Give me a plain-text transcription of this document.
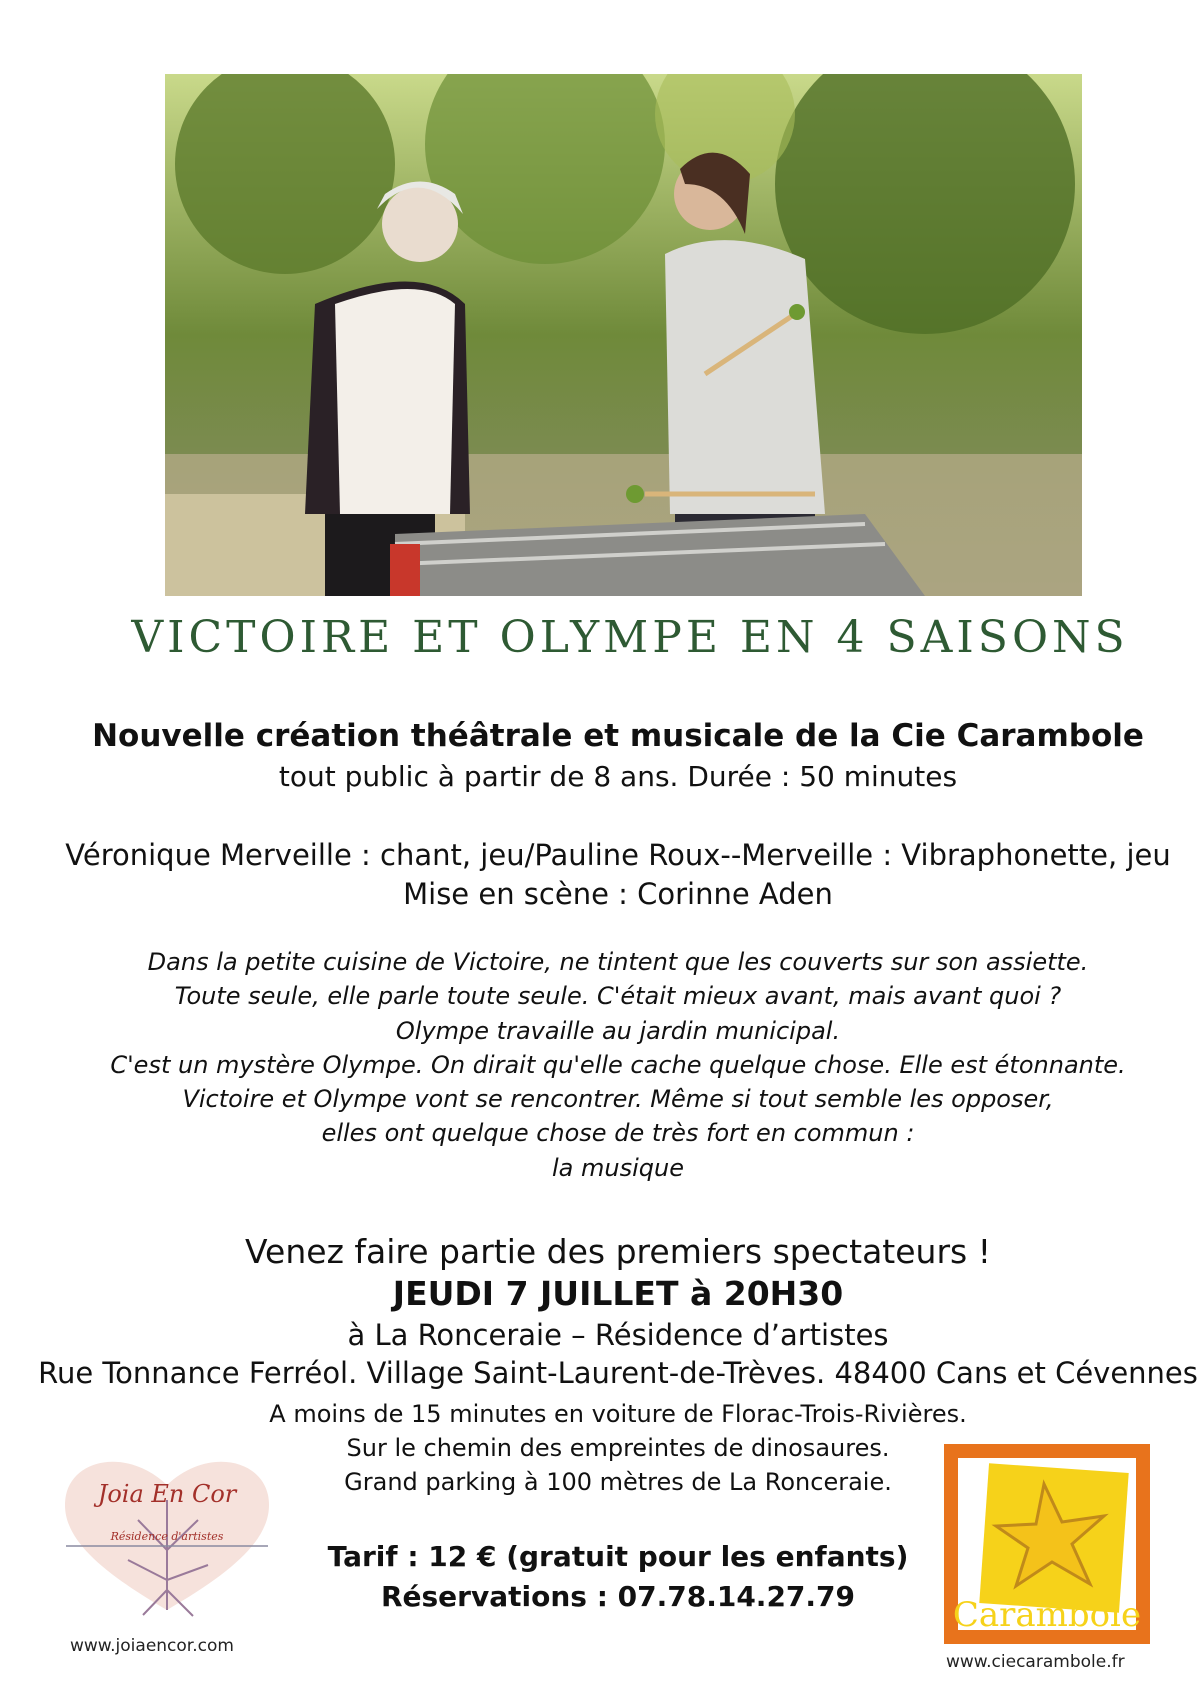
VICTOIRE ET OLYMPE EN 4 SAISONS
Nouvelle création théâtrale et musicale de la Cie Carambole
tout public à partir de 8 ans. Durée : 50 minutes
Véronique Merveille : chant, jeu/Pauline Roux--Merveille : Vibraphonette, jeu
Mise en scène : Corinne Aden
Dans la petite cuisine de Victoire, ne tintent que les couverts sur son assiette.
Toute seule, elle parle toute seule. C'était mieux avant, mais avant quoi ?
Olympe travaille au jardin municipal.
C'est un mystère Olympe. On dirait qu'elle cache quelque chose. Elle est étonnante.
Victoire et Olympe vont se rencontrer. Même si tout semble les opposer,
elles ont quelque chose de très fort en commun :
la musique
Venez faire partie des premiers spectateurs !
JEUDI 7 JUILLET à 20H30
à La Ronceraie – Résidence d’artistes
Rue Tonnance Ferréol. Village Saint-Laurent-de-Trèves. 48400 Cans et Cévennes
A moins de 15 minutes en voiture de Florac-Trois-Rivières.
Sur le chemin des empreintes de dinosaures.
Grand parking à 100 mètres de La Ronceraie.
Tarif : 12 € (gratuit pour les enfants)
Réservations : 07.78.14.27.79
Joia En Cor
Résidence d'artistes
www.joiaencor.com
Carambole
www.ciecarambole.fr
